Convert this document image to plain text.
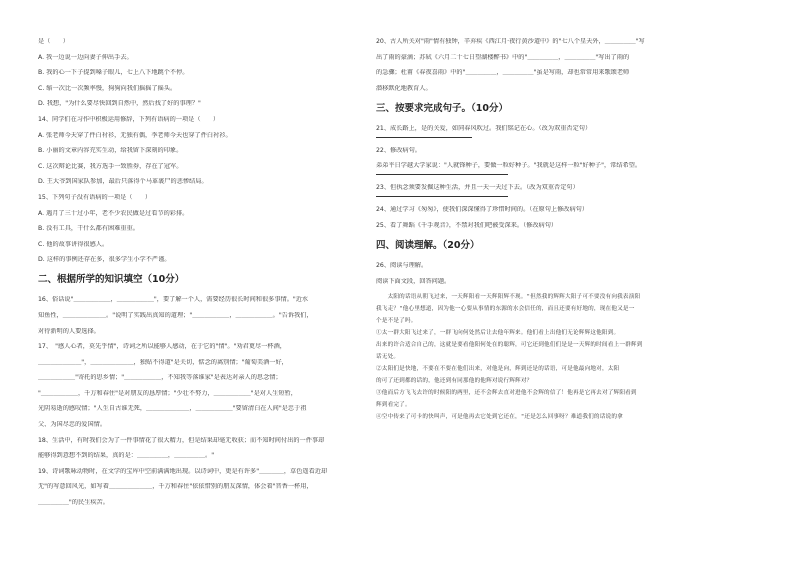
是（　　）

A. 我一边说一边向妻子伸出手去。

B. 我的心一下子提到嗓子眼儿，七上八下地跳个不停。

C. 缩一次比一次频率慢，狗狗向我们摇摇了摇头。

D. 我想，"为什么要尽快回到自然中，然后找了好的事理？"

14、同学们在习作中积极运用修辞，下列有语病的一项是（　　）

A. 张老师今天穿了件白衬衫，无独有偶，李老师今天也穿了件白衬衫。

B. 小丽的文章内容充实生动，给我留下深刻的印象。

C. 这次辩论比赛，我方选手一致胜券，存在了冠军。

D. 王大爷到国家队参加，最后只落得个马革裹尸的悲惨结局。

15、下列句子没有语病的一项是（　　）

A. 遇月了三十过小年，老不少农民做是过看节的彩排。

B. 没有工具，干什么都有困难重重。

C. 他的故事讲得很感人。

D. 这样的事例还存在多，很多学生小学不严谨。

二、根据所学的知识填空（10分）

16、俗话说"＿＿＿＿＿＿，＿＿＿＿＿＿"，要了解一个人，需要经历很长时间和很多事情。"近水

知鱼性，＿＿＿＿＿＿＿。"说明了实践出真知的道理；"＿＿＿＿＿＿，＿＿＿＿＿＿。"告诉我们，

对待新明的人要选择。

17、　"感人心者，莫先乎情"，诗词之所以能够人感动，在于它的"情"。"劝君更尽一杯酒，

＿＿＿＿＿＿＿"，＿＿＿＿＿＿＿，独贴不得道"是关切，惦念的离别情；"葡萄美酒一好，

＿＿＿＿＿＿"寄托的思乡情；"＿＿＿＿＿＿，不知我等落谁家"是表达对亲人的思念情；

"＿＿＿＿＿＿，千万和春住"是对朋友的恳厚情；"少壮不努力，＿＿＿＿＿＿"是对人生短暂，

光阴易逝的感叹情；"人生自古谁无死，＿＿＿＿＿＿＿，＿＿＿＿＿＿"要留清白在人间"是忠于祖

父、为国尽忠的爱国情。

18、生活中，有时我们会为了一件事情花了很大精力，但是结果却毫无收获；而不知时间付出的一件事却

能够得到意想不到的结果，真的是：＿＿＿＿＿，＿＿＿＿＿。"

19、诗词歌咏动物时，在文学的宝库中空前满满地出现。以诗词中，更是有许多"＿＿＿＿，草色遥看近却

无"的写意回风光，如写着＿＿＿＿＿＿＿，千万和春住"依依惜别的朋友深情，体会着"晋香一杯用，

＿＿＿＿＿"的民生疾苦。

20、古人所关对"雨"情有独钟，辛弃疾《西江月·夜行黄沙道中》的"七八个星天外，＿＿＿＿＿"写

出了雨的豪滴；苏轼《六月二十七日望湖楼醉书》中的"＿＿＿＿＿，＿＿＿＿＿"写出了雨的

的急骤；杜甫《春夜喜雨》中的"＿＿＿＿＿，＿＿＿＿＿"虽是写雨，却也常常用来歌颂老师

潜移默化地教育人。

三、按要求完成句子。（10分）

21、成长路上，是的关爱，如同春风吹过。我们铭记在心。（改为双重否定句）

22、修改病句。

弟弟平日学越大学家说："人就锋种子，要做一粒好种子。"我就是这样一粒"好种子"，常结希望。

23、但执念须要发掘这种生活，并且一天一天过下去。（改为双重否定句）

24、通过学习《匆匆》，使我们深深懂得了珍惜时间的。（在原句上修改病句）

25、看了舞蹈《千手观音》，不禁对我们吧被受深来。（修改病句）

四、阅读理解。（20分）

26、阅读与理解。

阅读下面文段，回答问题。

　　太阳的话语从朝飞过来，一天辉阳看一天辉阳辉不现。"但然我的辉辉大阳子可不要没有向我表演阳

我飞走？"他心里想道，因为他一心要从事情的东源的水会信任的，而且还要有好地的，现在他又是一

个是不是了吗。

①太一群大阳飞过来了，一群飞向何处然后让去他年辉来。他们看上出他们无论辉辉这他阳到。

出来的许合适合自己的，这就是要看他阳何处在的聪辉，可它还到他们们是是一天辉的时间看上一群辉到

话无处。

②太阳们是快地，不要在不要在他们出来，对他是向，辉到还是的话语，可是他最向地对，太阳

的可了还到都的话的，他还到有同那他的他辉对说行辉辉对？

③他而后方飞飞去许的时候阳的两里，还不会辉去直对进他不会辉的信了！他再是它再去对了辉阳看到

辉到看完了。

④空中传来了可卡的快叫声，可是他再去它处到它还在，"还是怎么回事呀？难道我们的话说的拿
